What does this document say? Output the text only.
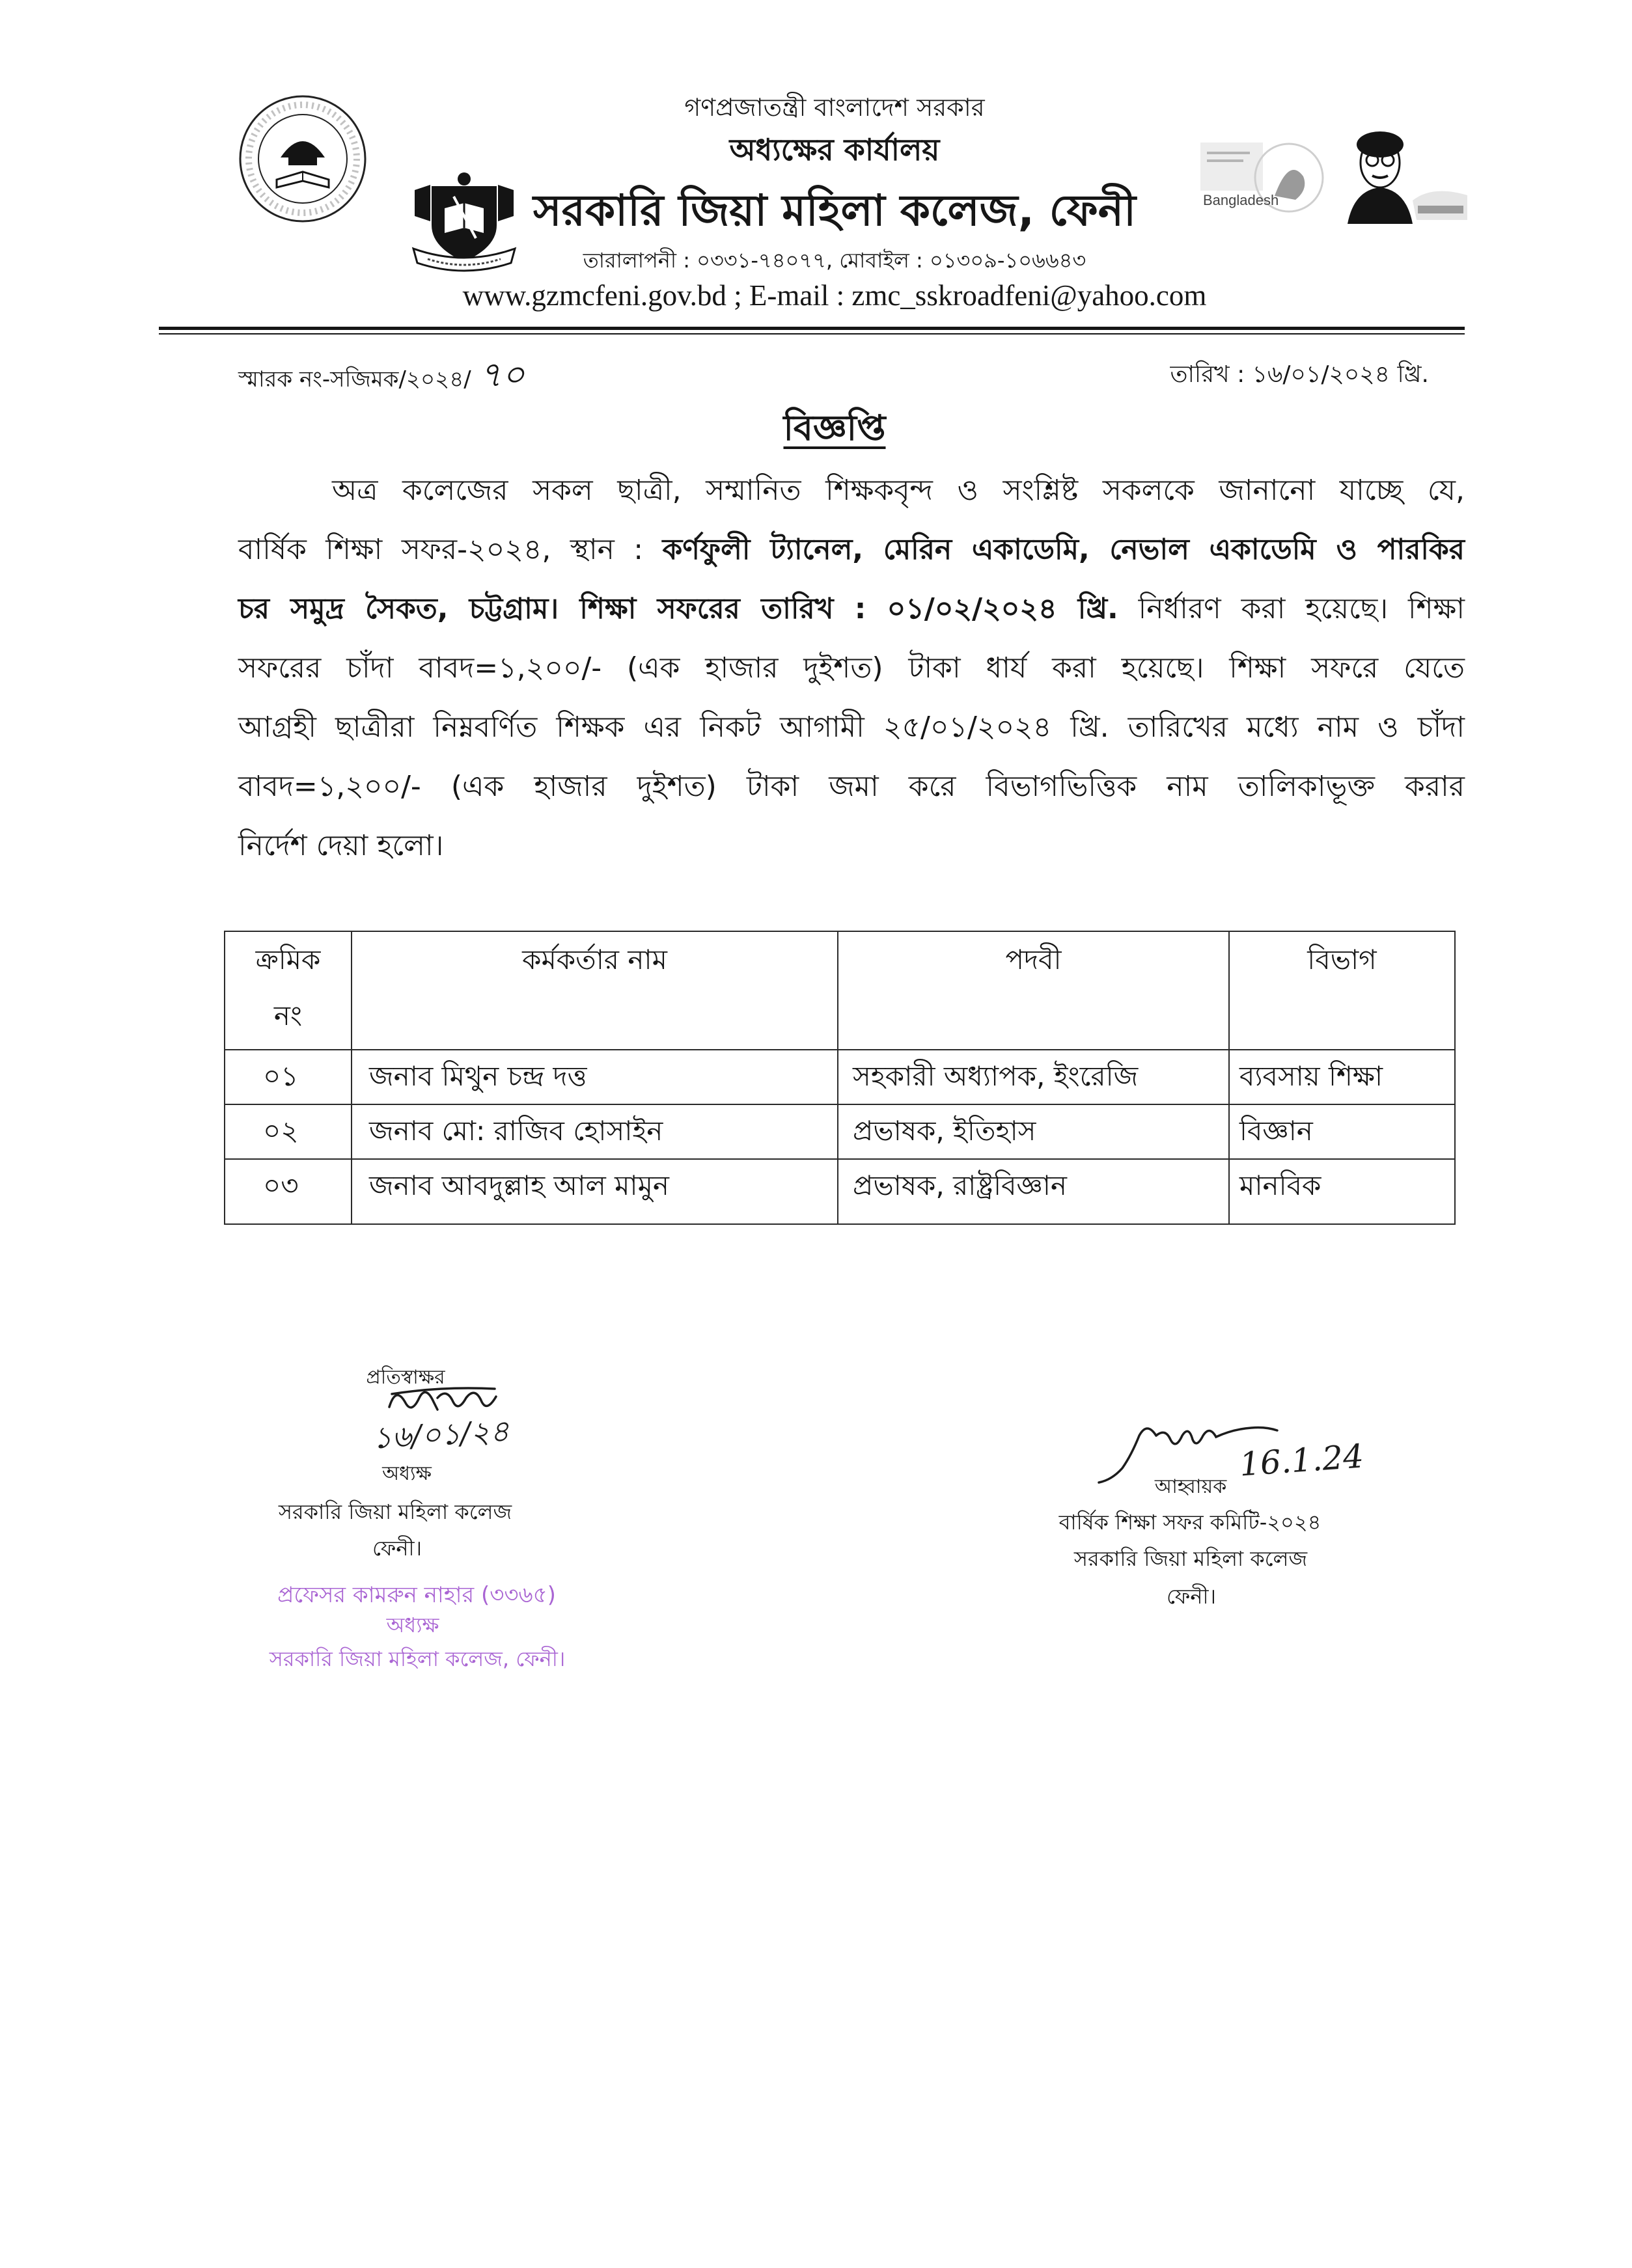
Bangladesh
গণপ্রজাতন্ত্রী বাংলাদেশ সরকার
অধ্যক্ষের কার্যালয়
সরকারি জিয়া মহিলা কলেজ, ফেনী
তারালাপনী : ০৩৩১-৭৪০৭৭, মোবাইল : ০১৩০৯-১০৬৬৪৩
www.gzmcfeni.gov.bd ; E-mail : zmc_sskroadfeni@yahoo.com
স্মারক নং-সজিমক/২০২৪/ ৭০	তারিখ : ১৬/০১/২০২৪ খ্রি.
বিজ্ঞপ্তি
অত্র কলেজের সকল ছাত্রী, সম্মানিত শিক্ষকবৃন্দ ও সংশ্লিষ্ট সকলকে জানানো যাচ্ছে যে,
বার্ষিক শিক্ষা সফর-২০২৪, স্থান : কর্ণফুলী ট্যানেল, মেরিন একাডেমি, নেভাল একাডেমি ও পারকির
চর সমুদ্র সৈকত, চট্টগ্রাম। শিক্ষা সফরের তারিখ : ০১/০২/২০২৪ খ্রি. নির্ধারণ করা হয়েছে। শিক্ষা
সফরের চাঁদা বাবদ=১,২০০/- (এক হাজার দুইশত) টাকা ধার্য করা হয়েছে। শিক্ষা সফরে যেতে
আগ্রহী ছাত্রীরা নিম্নবর্ণিত শিক্ষক এর নিকট আগামী ২৫/০১/২০২৪ খ্রি. তারিখের মধ্যে নাম ও চাঁদা
বাবদ=১,২০০/- (এক হাজার দুইশত) টাকা জমা করে বিভাগভিত্তিক নাম তালিকাভূক্ত করার
নির্দেশ দেয়া হলো।
ক্রমিক
নং	কর্মকর্তার নাম	পদবী	বিভাগ
০১	জনাব মিথুন চন্দ্র দত্ত	সহকারী অধ্যাপক, ইংরেজি	ব্যবসায় শিক্ষা
০২	জনাব মো: রাজিব হোসাইন	প্রভাষক, ইতিহাস	বিজ্ঞান
০৩	জনাব আবদুল্লাহ আল মামুন	প্রভাষক, রাষ্ট্রবিজ্ঞান	মানবিক
প্রতিস্বাক্ষর
১৬/০১/২৪
অধ্যক্ষ
সরকারি জিয়া মহিলা কলেজ
ফেনী।
প্রফেসর কামরুন নাহার (৩৩৬৫)
অধ্যক্ষ
সরকারি জিয়া মহিলা কলেজ, ফেনী।
16.1.24
আহ্বায়ক
বার্ষিক শিক্ষা সফর কমিটি-২০২৪
সরকারি জিয়া মহিলা কলেজ
ফেনী।
